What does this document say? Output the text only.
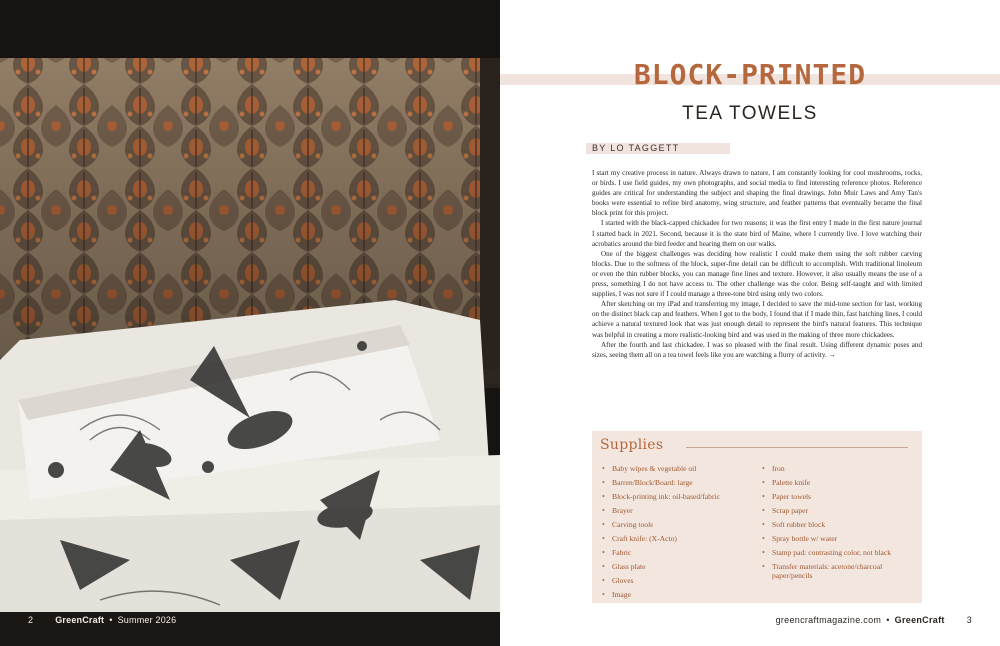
2 GreenCraft • Summer 2026
BLOCK-PRINTED
TEA TOWELS
BY LO TAGGETT

I start my creative process in nature. Always drawn to nature, I am constantly looking for cool mushrooms, rocks, or birds. I use field guides, my own photographs, and social media to find interesting reference photos. Reference guides are critical for understanding the subject and shaping the final drawings. John Muir Laws and Amy Tan's books were essential to refine bird anatomy, wing structure, and feather patterns that eventually became the final block print for this project.

I started with the black-capped chickadee for two reasons; it was the first entry I made in the first nature journal I started back in 2021. Second, because it is the state bird of Maine, where I currently live. I love watching their acrobatics around the bird feeder and hearing them on our walks.

One of the biggest challenges was deciding how realistic I could make them using the soft rubber carving blocks. Due to the softness of the block, super-fine detail can be difficult to accomplish. With traditional linoleum or even the thin rubber blocks, you can manage fine lines and texture. However, it also usually means the use of a press, something I do not have access to. The other challenge was the color. Being self-taught and with limited supplies, I was not sure if I could manage a three-tone bird using only two colors.

After sketching on my iPad and transferring my image, I decided to save the mid-tone section for last, working on the distinct black cap and feathers. When I got to the body, I found that if I made thin, fast hatching lines, I could achieve a natural textured look that was just enough detail to represent the bird's natural features. This technique was helpful in creating a more realistic-looking bird and was used in the making of three more chickadees.

After the fourth and last chickadee, I was so pleased with the final result. Using different dynamic poses and sizes, seeing them all on a tea towel feels like you are watching a flurry of activity. →

Supplies
• Baby wipes & vegetable oil
• Barren/Block/Board: large
• Block-printing ink: oil-based/fabric
• Brayer
• Carving tools
• Craft knife: (X-Acto)
• Fabric
• Glass plate
• Gloves
• Image
• Iron
• Palette knife
• Paper towels
• Scrap paper
• Soft rubber block
• Spray bottle w/ water
• Stamp pad: contrasting color, not black
• Transfer materials: acetone/charcoal paper/pencils
greencraftmagazine.com • GreenCraft 3
